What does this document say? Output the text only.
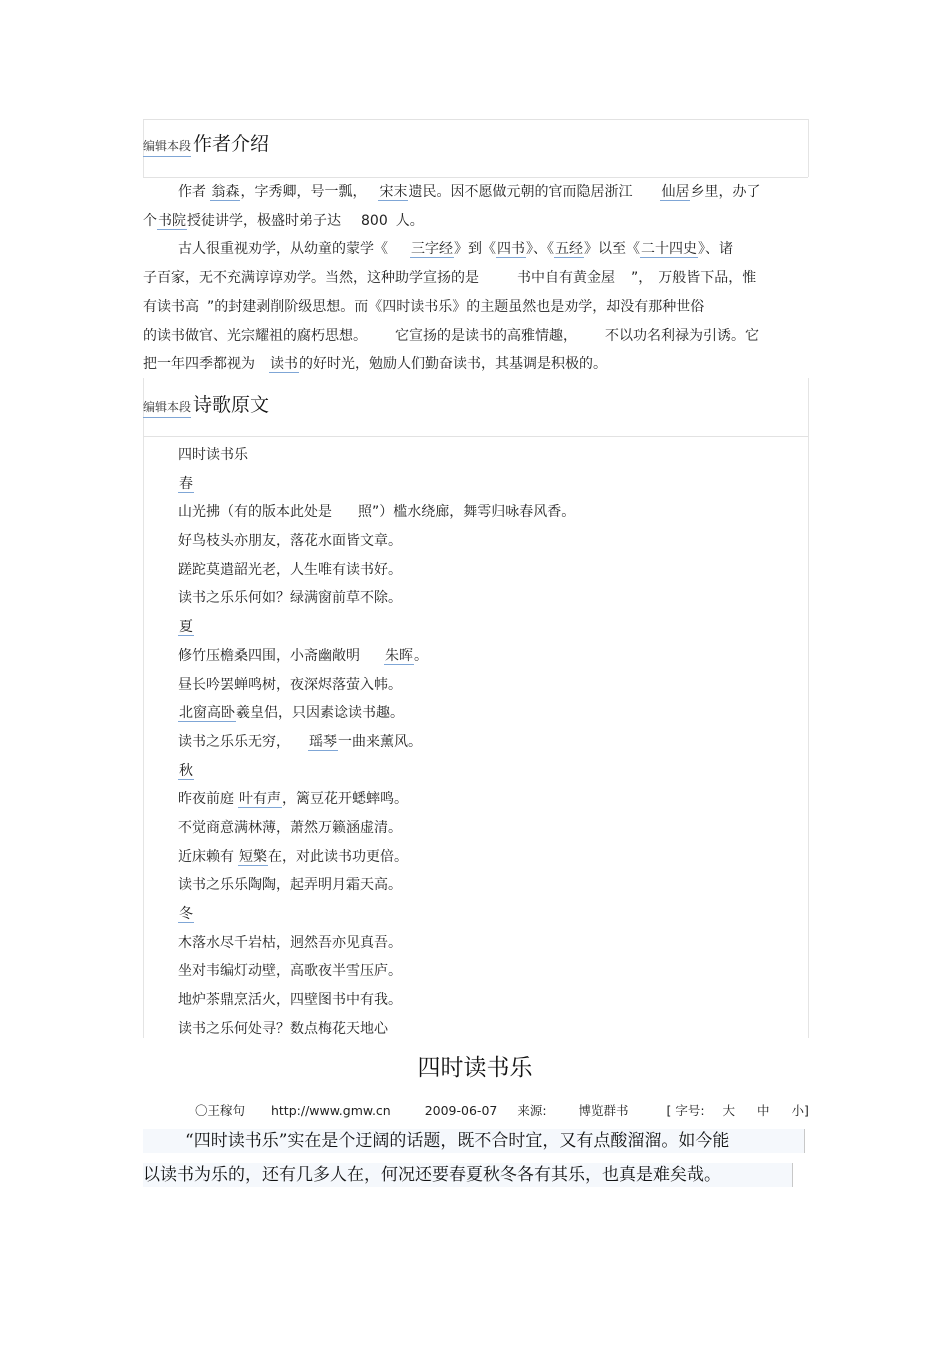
编辑本段 作者介绍
作者 翁森，字秀卿，号一瓢， 宋末遗民。因不愿做元朝的官而隐居浙江 仙居乡里，办了
个书院授徒讲学，极盛时弟子达 800 人。
古人很重视劝学，从幼童的蒙学《 三字经》到《四书》、《五经》以至《二十四史》、诸
子百家，无不充满谆谆劝学。当然，这种助学宣扬的是	书中自有黄金屋 ”， 万般皆下品，惟
有读书高 ”的封建剥削阶级思想。而《四时读书乐》的主题虽然也是劝学，却没有那种世俗
的读书做官、光宗耀祖的腐朽思想。 它宣扬的是读书的高雅情趣， 不以功名利禄为引诱。它
把一年四季都视为 读书的好时光，勉励人们勤奋读书，其基调是积极的。
编辑本段 诗歌原文
四时读书乐
春
山光拂（有的版本此处是 照”）槛水绕廊，舞雩归咏春风香。
好鸟枝头亦朋友，落花水面皆文章。
蹉跎莫遣韶光老，人生唯有读书好。
读书之乐乐何如？绿满窗前草不除。
夏
修竹压檐桑四围，小斋幽敞明 朱晖。
昼长吟罢蝉鸣树，夜深烬落萤入帏。
北窗高卧羲皇侣，只因素谂读书趣。
读书之乐乐无穷， 瑶琴一曲来薰风。
秋
昨夜前庭 叶有声，篱豆花开蟋蟀鸣。
不觉商意满林薄，萧然万籁涵虚清。
近床赖有 短檠在，对此读书功更倍。
读书之乐乐陶陶，起弄明月霜天高。
冬
木落水尽千岩枯，迥然吾亦见真吾。
坐对韦编灯动壁，高歌夜半雪压庐。
地炉茶鼎烹活火，四壁图书中有我。
读书之乐何处寻？数点梅花天地心
四时读书乐
〇王稼句 http://www.gmw.cn	2009-06-07 来源:	博览群书	[ 字号: 大 中 小]
“四时读书乐”实在是个迂阔的话题，既不合时宜，又有点酸溜溜。如今能
以读书为乐的，还有几多人在，何况还要春夏秋冬各有其乐，也真是难矣哉。
